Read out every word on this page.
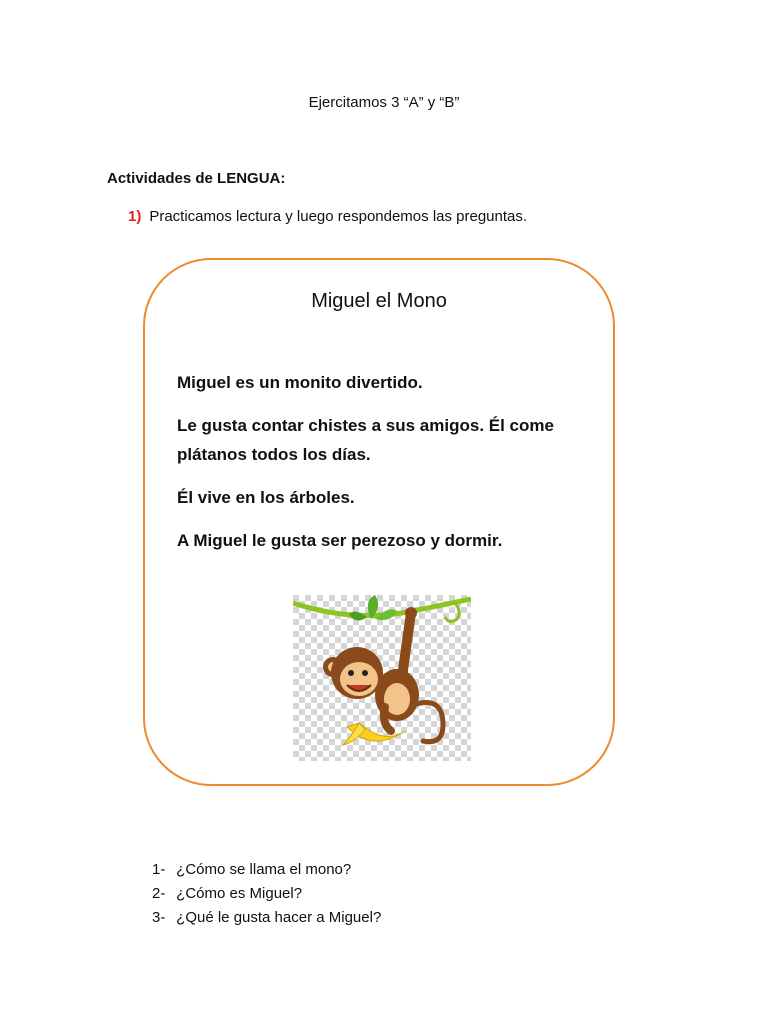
Ejercitamos 3 “A” y “B”
Actividades de LENGUA:
1) Practicamos lectura y luego respondemos las preguntas.
Miguel el Mono

Miguel es un monito divertido.

Le gusta contar chistes a sus amigos. Él come plátanos todos los días.

Él vive en los árboles.

A Miguel le gusta ser perezoso y dormir.

1- ¿Cómo se llama el mono?
2- ¿Cómo es Miguel?
3- ¿Qué le gusta hacer a Miguel?
